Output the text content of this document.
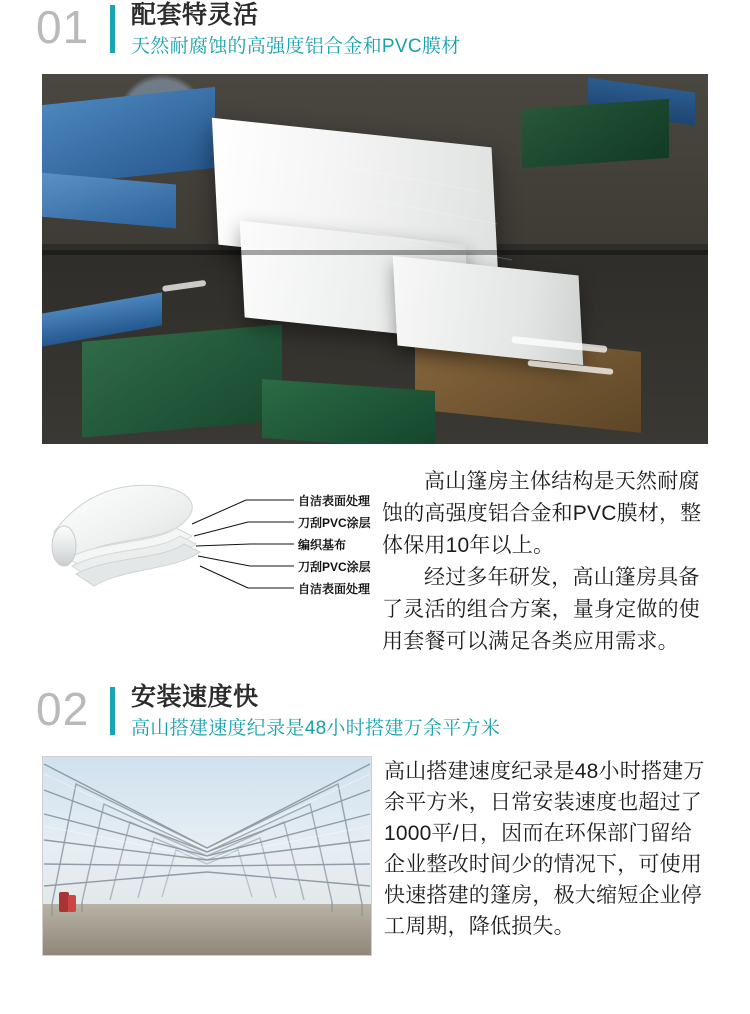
01	配套特灵活
天然耐腐蚀的高强度铝合金和PVC膜材
自洁表面处理
刀刮PVC涂层
编织基布
刀刮PVC涂层
自洁表面处理

高山篷房主体结构是天然耐腐蚀的高强度铝合金和PVC膜材，整体保用10年以上。

经过多年研发，高山篷房具备了灵活的组合方案，量身定做的使用套餐可以满足各类应用需求。

02	安装速度快
高山搭建速度纪录是48小时搭建万余平方米
高山搭建速度纪录是48小时搭建万余平方米，日常安装速度也超过了1000平/日，因而在环保部门留给企业整改时间少的情况下，可使用快速搭建的篷房，极大缩短企业停工周期，降低损失。
